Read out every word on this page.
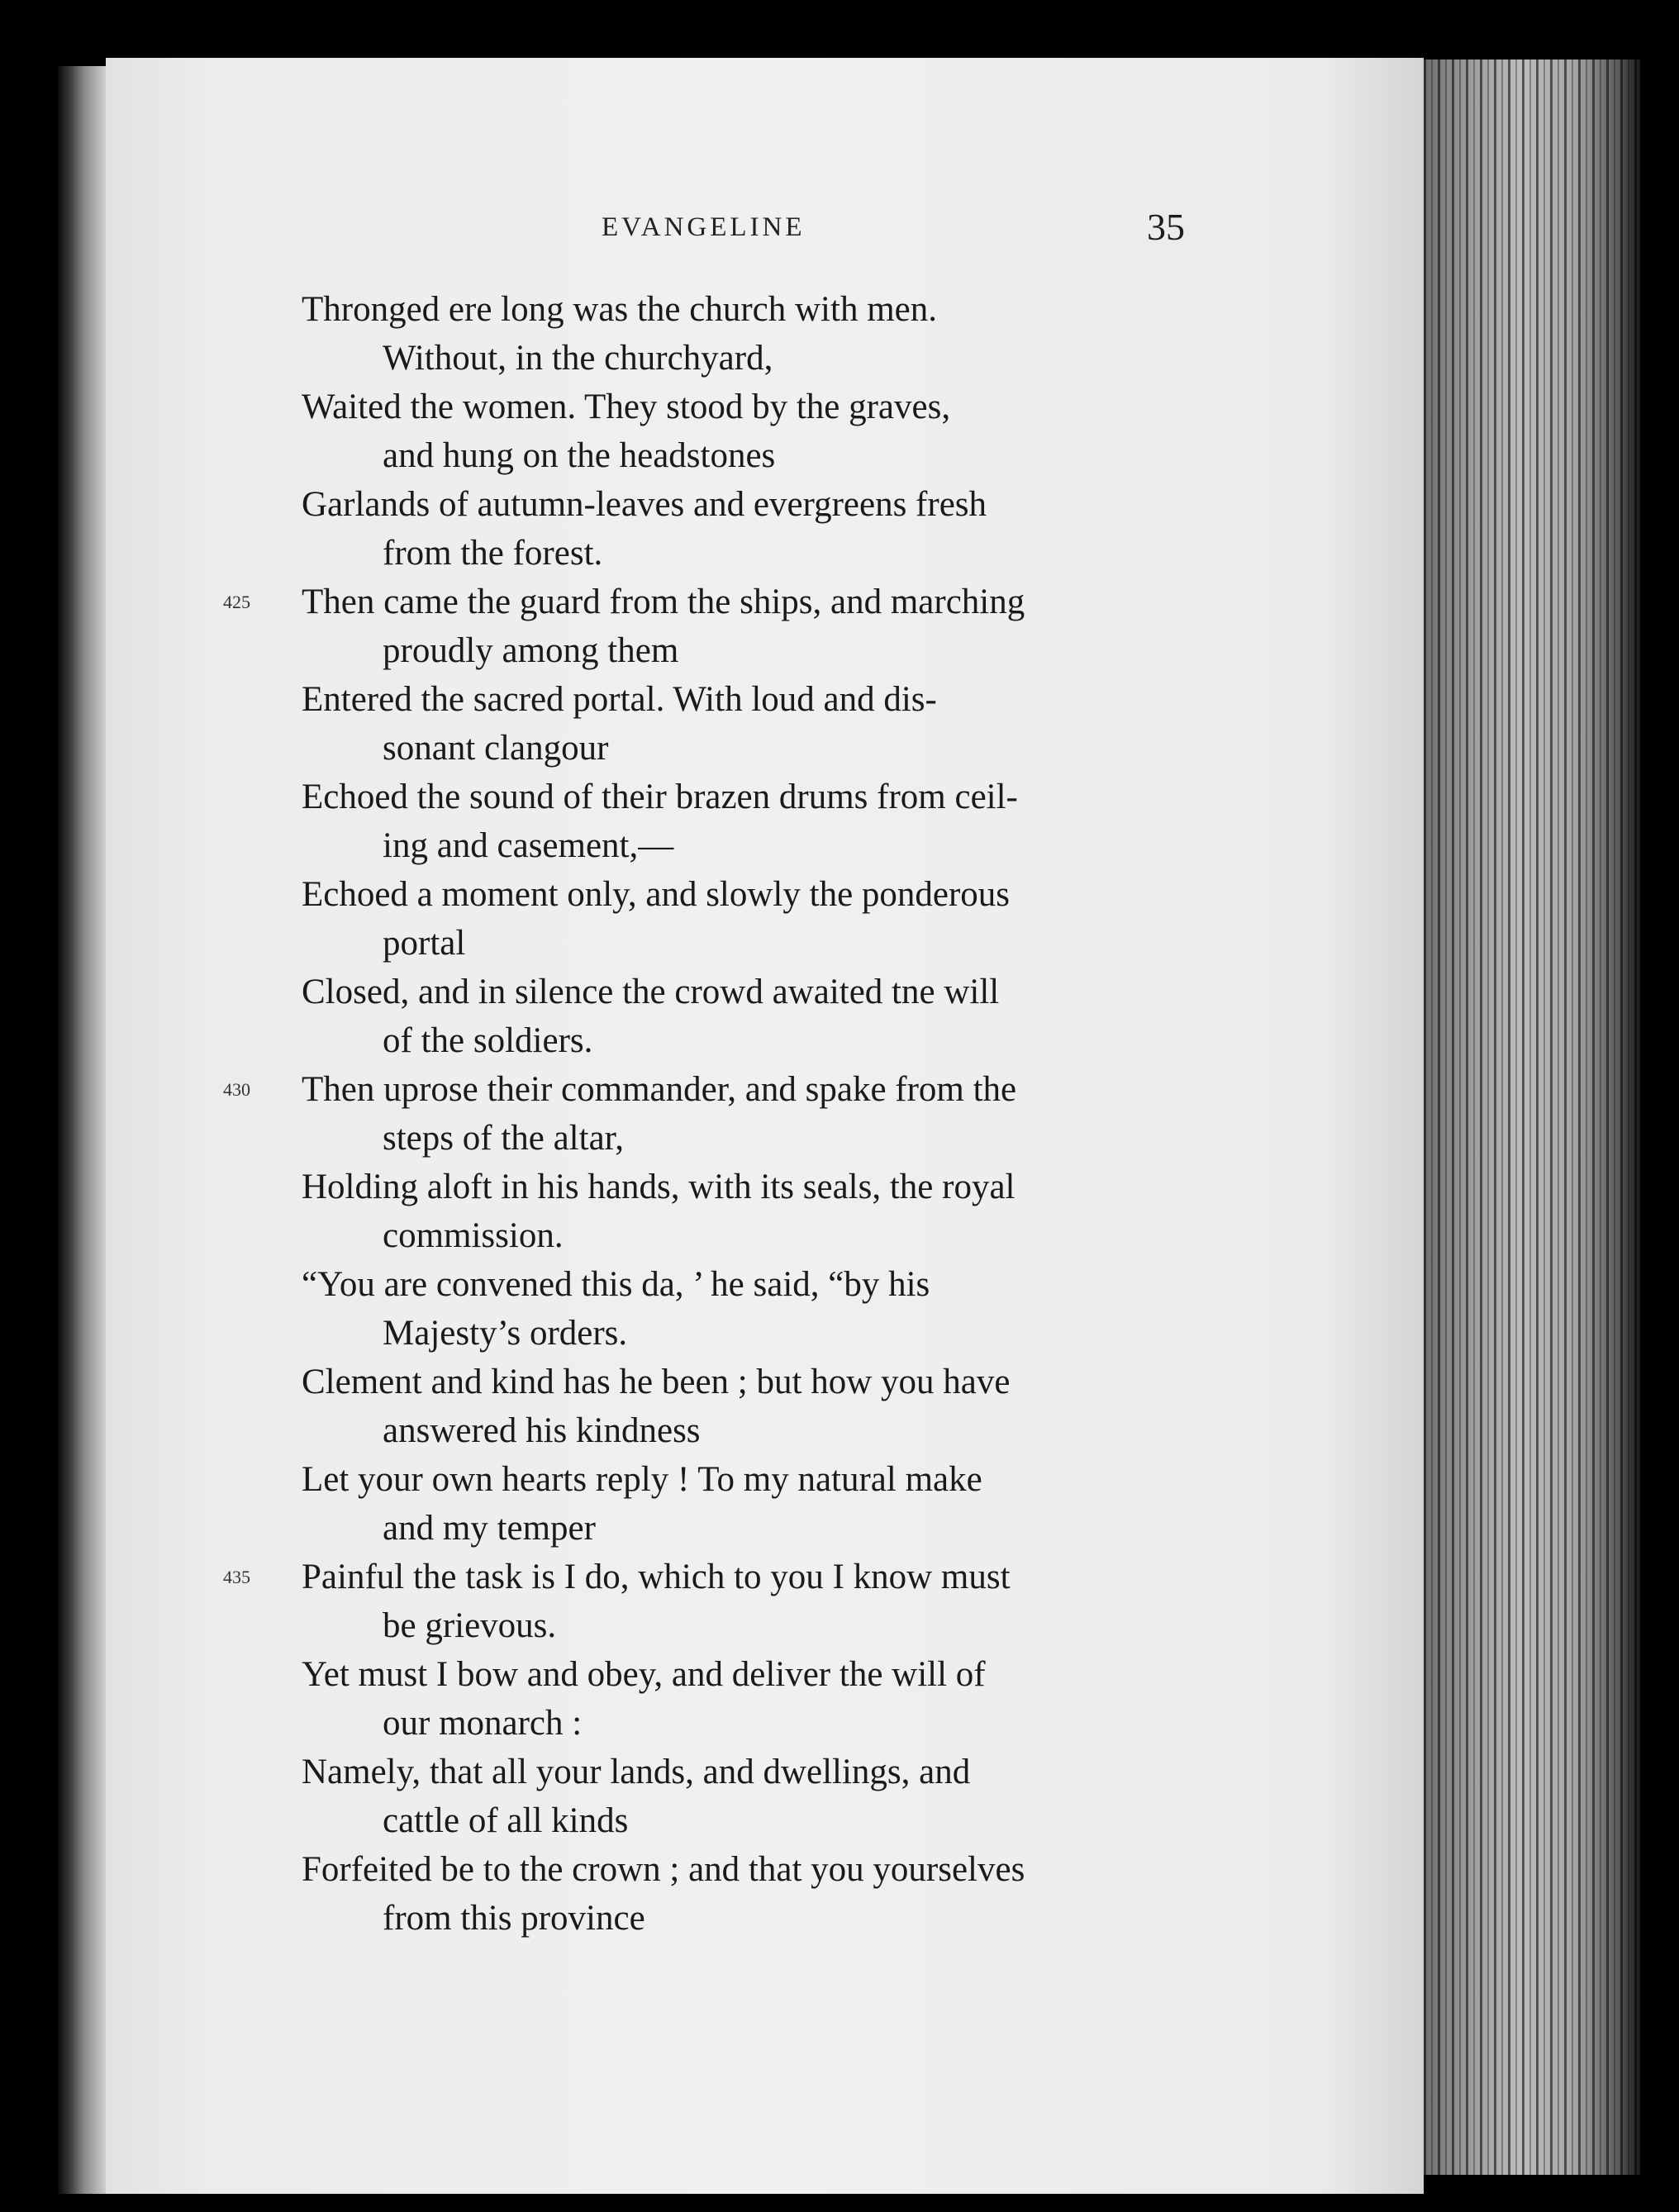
EVANGELINE	35
Thronged ere long was the church with men.
Without, in the churchyard,
Waited the women. They stood by the graves,
and hung on the headstones
Garlands of autumn-leaves and evergreens fresh
from the forest.
Then came the guard from the ships, and marching
425
proudly among them
Entered the sacred portal. With loud and dis-
sonant clangour
Echoed the sound of their brazen drums from ceil-
ing and casement,—
Echoed a moment only, and slowly the ponderous
portal
Closed, and in silence the crowd awaited tne will
of the soldiers.
Then uprose their commander, and spake from the
430
steps of the altar,
Holding aloft in his hands, with its seals, the royal
commission.
“You are convened this da, ’ he said, “by his
Majesty’s orders.
Clement and kind has he been ; but how you have
answered his kindness
Let your own hearts reply ! To my natural make
and my temper
Painful the task is I do, which to you I know must
435
be grievous.
Yet must I bow and obey, and deliver the will of
our monarch :
Namely, that all your lands, and dwellings, and
cattle of all kinds
Forfeited be to the crown ; and that you yourselves
from this province
